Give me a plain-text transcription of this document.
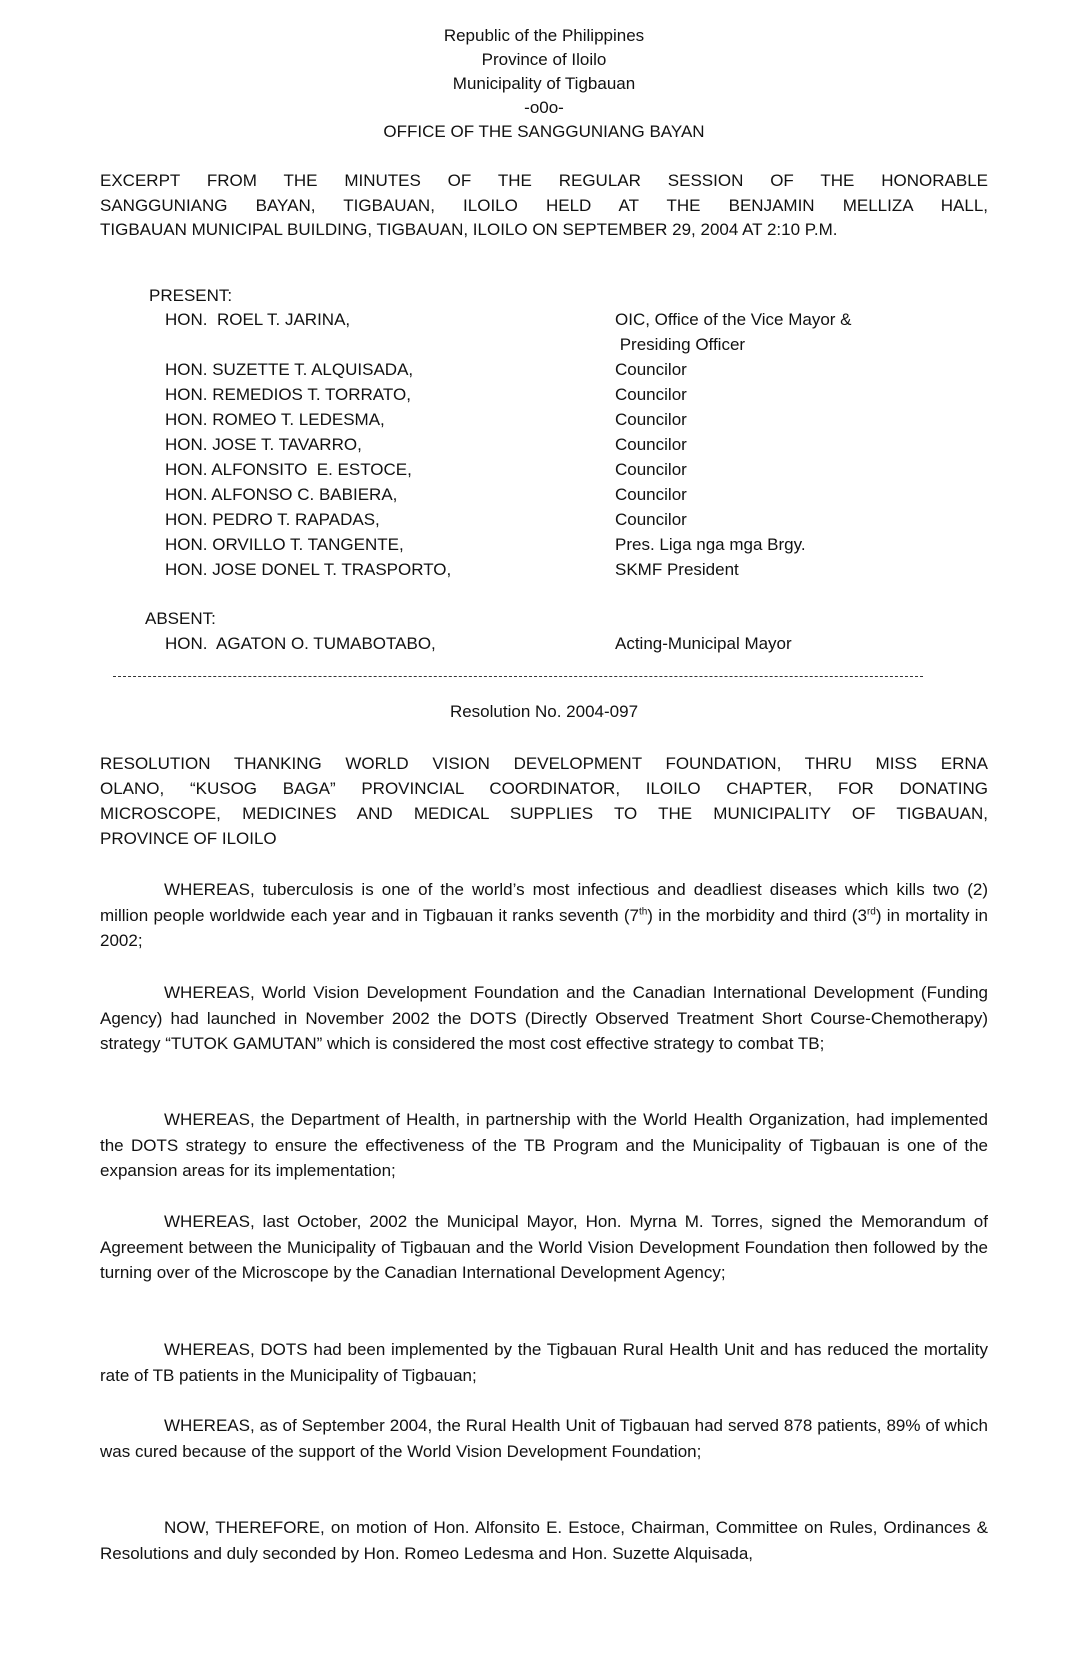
Republic of the Philippines
Province of Iloilo
Municipality of Tigbauan
-o0o-
OFFICE OF THE SANGGUNIANG BAYAN
EXCERPT FROM THE MINUTES OF THE REGULAR SESSION OF THE HONORABLE
SANGGUNIANG BAYAN, TIGBAUAN, ILOILO HELD AT THE BENJAMIN MELLIZA HALL,
TIGBAUAN MUNICIPAL BUILDING, TIGBAUAN, ILOILO ON SEPTEMBER 29, 2004 AT 2:10 P.M.
PRESENT:
HON.  ROEL T. JARINA,	OIC, Office of the Vice Mayor &
Presiding Officer
HON. SUZETTE T. ALQUISADA,	Councilor
HON. REMEDIOS T. TORRATO,	Councilor
HON. ROMEO T. LEDESMA,	Councilor
HON. JOSE T. TAVARRO,	Councilor
HON. ALFONSITO  E. ESTOCE,	Councilor
HON. ALFONSO C. BABIERA,	Councilor
HON. PEDRO T. RAPADAS,	Councilor
HON. ORVILLO T. TANGENTE,	Pres. Liga nga mga Brgy.
HON. JOSE DONEL T. TRASPORTO,	SKMF President
ABSENT:
HON.  AGATON O. TUMABOTABO,	Acting-Municipal Mayor
Resolution No. 2004-097
RESOLUTION THANKING WORLD VISION DEVELOPMENT FOUNDATION, THRU MISS ERNA
OLANO, “KUSOG BAGA” PROVINCIAL COORDINATOR, ILOILO CHAPTER, FOR DONATING
MICROSCOPE, MEDICINES AND MEDICAL SUPPLIES TO THE MUNICIPALITY OF TIGBAUAN,
PROVINCE OF ILOILO
WHEREAS, tuberculosis is one of the world’s most infectious and deadliest diseases which kills two (2) million people worldwide each year and in Tigbauan it ranks seventh (7th) in the morbidity and third (3rd) in mortality in 2002;
WHEREAS, World Vision Development Foundation and the Canadian International Development (Funding Agency) had launched in November 2002 the DOTS (Directly Observed Treatment Short Course-Chemotherapy) strategy “TUTOK GAMUTAN” which is considered the most cost effective strategy to combat TB;
WHEREAS, the Department of Health, in partnership with the World Health Organization, had implemented the DOTS strategy to ensure the effectiveness of the TB Program and the Municipality of Tigbauan is one of the expansion areas for its implementation;
WHEREAS, last October, 2002 the Municipal Mayor, Hon. Myrna M. Torres, signed the Memorandum of Agreement between the Municipality of Tigbauan and the World Vision Development Foundation then followed by the turning over of the Microscope by the Canadian International Development Agency;
WHEREAS, DOTS had been implemented by the Tigbauan Rural Health Unit and has reduced the mortality rate of TB patients in the Municipality of Tigbauan;
WHEREAS, as of September 2004, the Rural Health Unit of Tigbauan had served 878 patients, 89% of which was cured because of the support of the World Vision Development Foundation;
NOW, THEREFORE, on motion of Hon. Alfonsito E. Estoce, Chairman, Committee on Rules, Ordinances & Resolutions and duly seconded by Hon. Romeo Ledesma and Hon. Suzette Alquisada,
